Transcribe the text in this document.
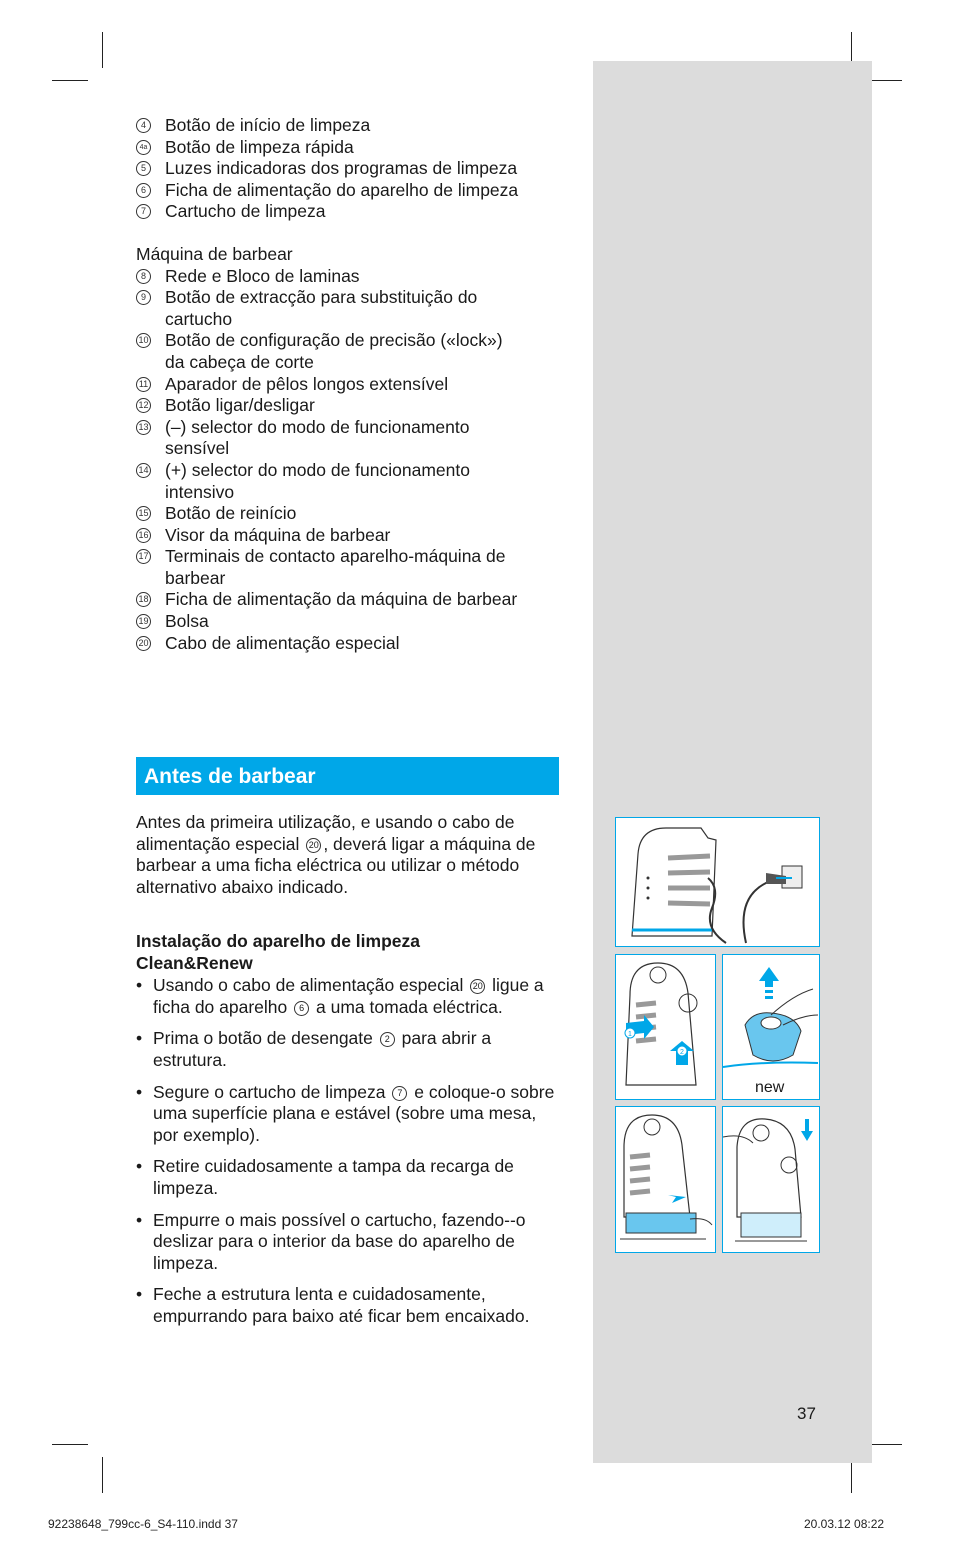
4 Botão de início de limpeza
4a Botão de limpeza rápida
5 Luzes indicadoras dos programas de limpeza
6 Ficha de alimentação do aparelho de limpeza
7 Cartucho de limpeza
Máquina de barbear
8 Rede e Bloco de laminas
9 Botão de extracção para substituição do
cartucho
10 Botão de configuração de precisão («lock»)
da cabeça de corte
11 Aparador de pêlos longos extensível
12 Botão ligar/desligar
13 (–) selector do modo de funcionamento
sensível
14 (+) selector do modo de funcionamento
intensivo
15 Botão de reinício
16 Visor da máquina de barbear
17 Terminais de contacto aparelho-máquina de
barbear
18 Ficha de alimentação da máquina de barbear
19 Bolsa
20 Cabo de alimentação especial
Antes de barbear
Antes da primeira utilização, e usando o cabo de alimentação especial 20 , deverá ligar a máquina de barbear a uma ficha eléctrica ou utilizar o método alternativo abaixo indicado.
Instalação do aparelho de limpeza
Clean&Renew
• Usando o cabo de alimentação especial 20 ligue a ficha do aparelho 6 a uma tomada eléctrica.
• Prima o botão de desengate 2 para abrir a estrutura.
• Segure o cartucho de limpeza 7 e coloque-o sobre uma superfície plana e estável (sobre uma mesa, por exemplo).
• Retire cuidadosamente a tampa da recarga de limpeza.
• Empurre o mais possível o cartucho, fazendo--o deslizar para o interior da base do aparelho de limpeza.
• Feche a estrutura lenta e cuidadosamente, empurrando para baixo até ficar bem encaixado.
1
2
new
37
92238648_799cc-6_S4-110.indd 37	20.03.12 08:22
